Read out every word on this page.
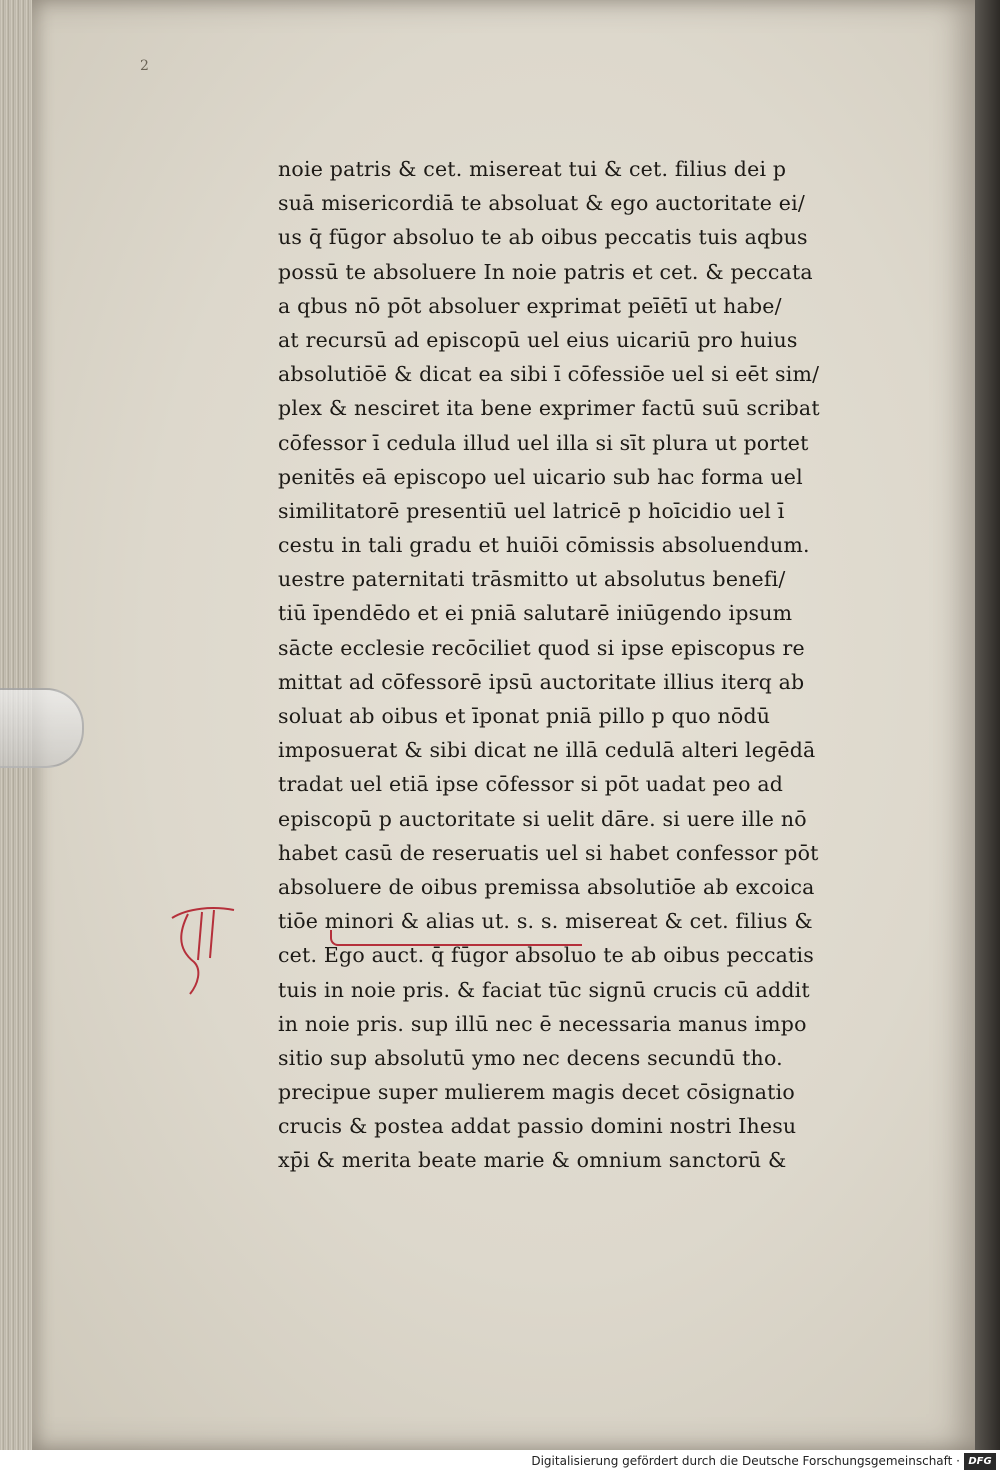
2
noie patris & cet. misereat tui & cet. filius dei p
suā misericordiā te absoluat & ego auctoritate ei/
us q̄ fūgor absoluo te ab oibus peccatis tuis aqbus
possū te absoluere In noie patris et cet. & peccata
a qbus nō pōt absoluer exprimat peīētī ut habe/
at recursū ad episcopū uel eius uicariū pro huius
absolutiōē & dicat ea sibi ī cōfessiōe uel si eēt sim/
plex & nesciret ita bene exprimer factū suū scribat
cōfessor ī cedula illud uel illa si sīt plura ut portet
penitēs eā episcopo uel uicario sub hac forma uel
similitatorē presentiū uel latricē p hoīcidio uel ī
cestu in tali gradu et huiōi cōmissis absoluendum.
uestre paternitati trāsmitto ut absolutus benefi/
tiū īpendēdo et ei pniā salutarē iniūgendo ipsum
sācte ecclesie recōciliet quod si ipse episcopus re
mittat ad cōfessorē ipsū auctoritate illius iterq ab
soluat ab oibus et īponat pniā pillo p quo nōdū
imposuerat & sibi dicat ne illā cedulā alteri legēdā
tradat uel etiā ipse cōfessor si pōt uadat peo ad
episcopū p auctoritate si uelit dāre. si uere ille nō
habet casū de reseruatis uel si habet confessor pōt
absoluere de oibus premissa absolutiōe ab excoica
tiōe minori & alias ut. s. s. misereat & cet. filius &
cet. Ego auct. q̄ fūgor absoluo te ab oibus peccatis
tuis in noie pris. & faciat tūc signū crucis cū addit
in noie pris. sup illū nec ē necessaria manus impo
sitio sup absolutū ymo nec decens secundū tho.
precipue super mulierem magis decet cōsignatio
crucis & postea addat passio domini nostri Ihesu
xp̄i & merita beate marie & omnium sanctorū &
Digitalisierung gefördert durch die Deutsche Forschungsgemeinschaft · DFG
